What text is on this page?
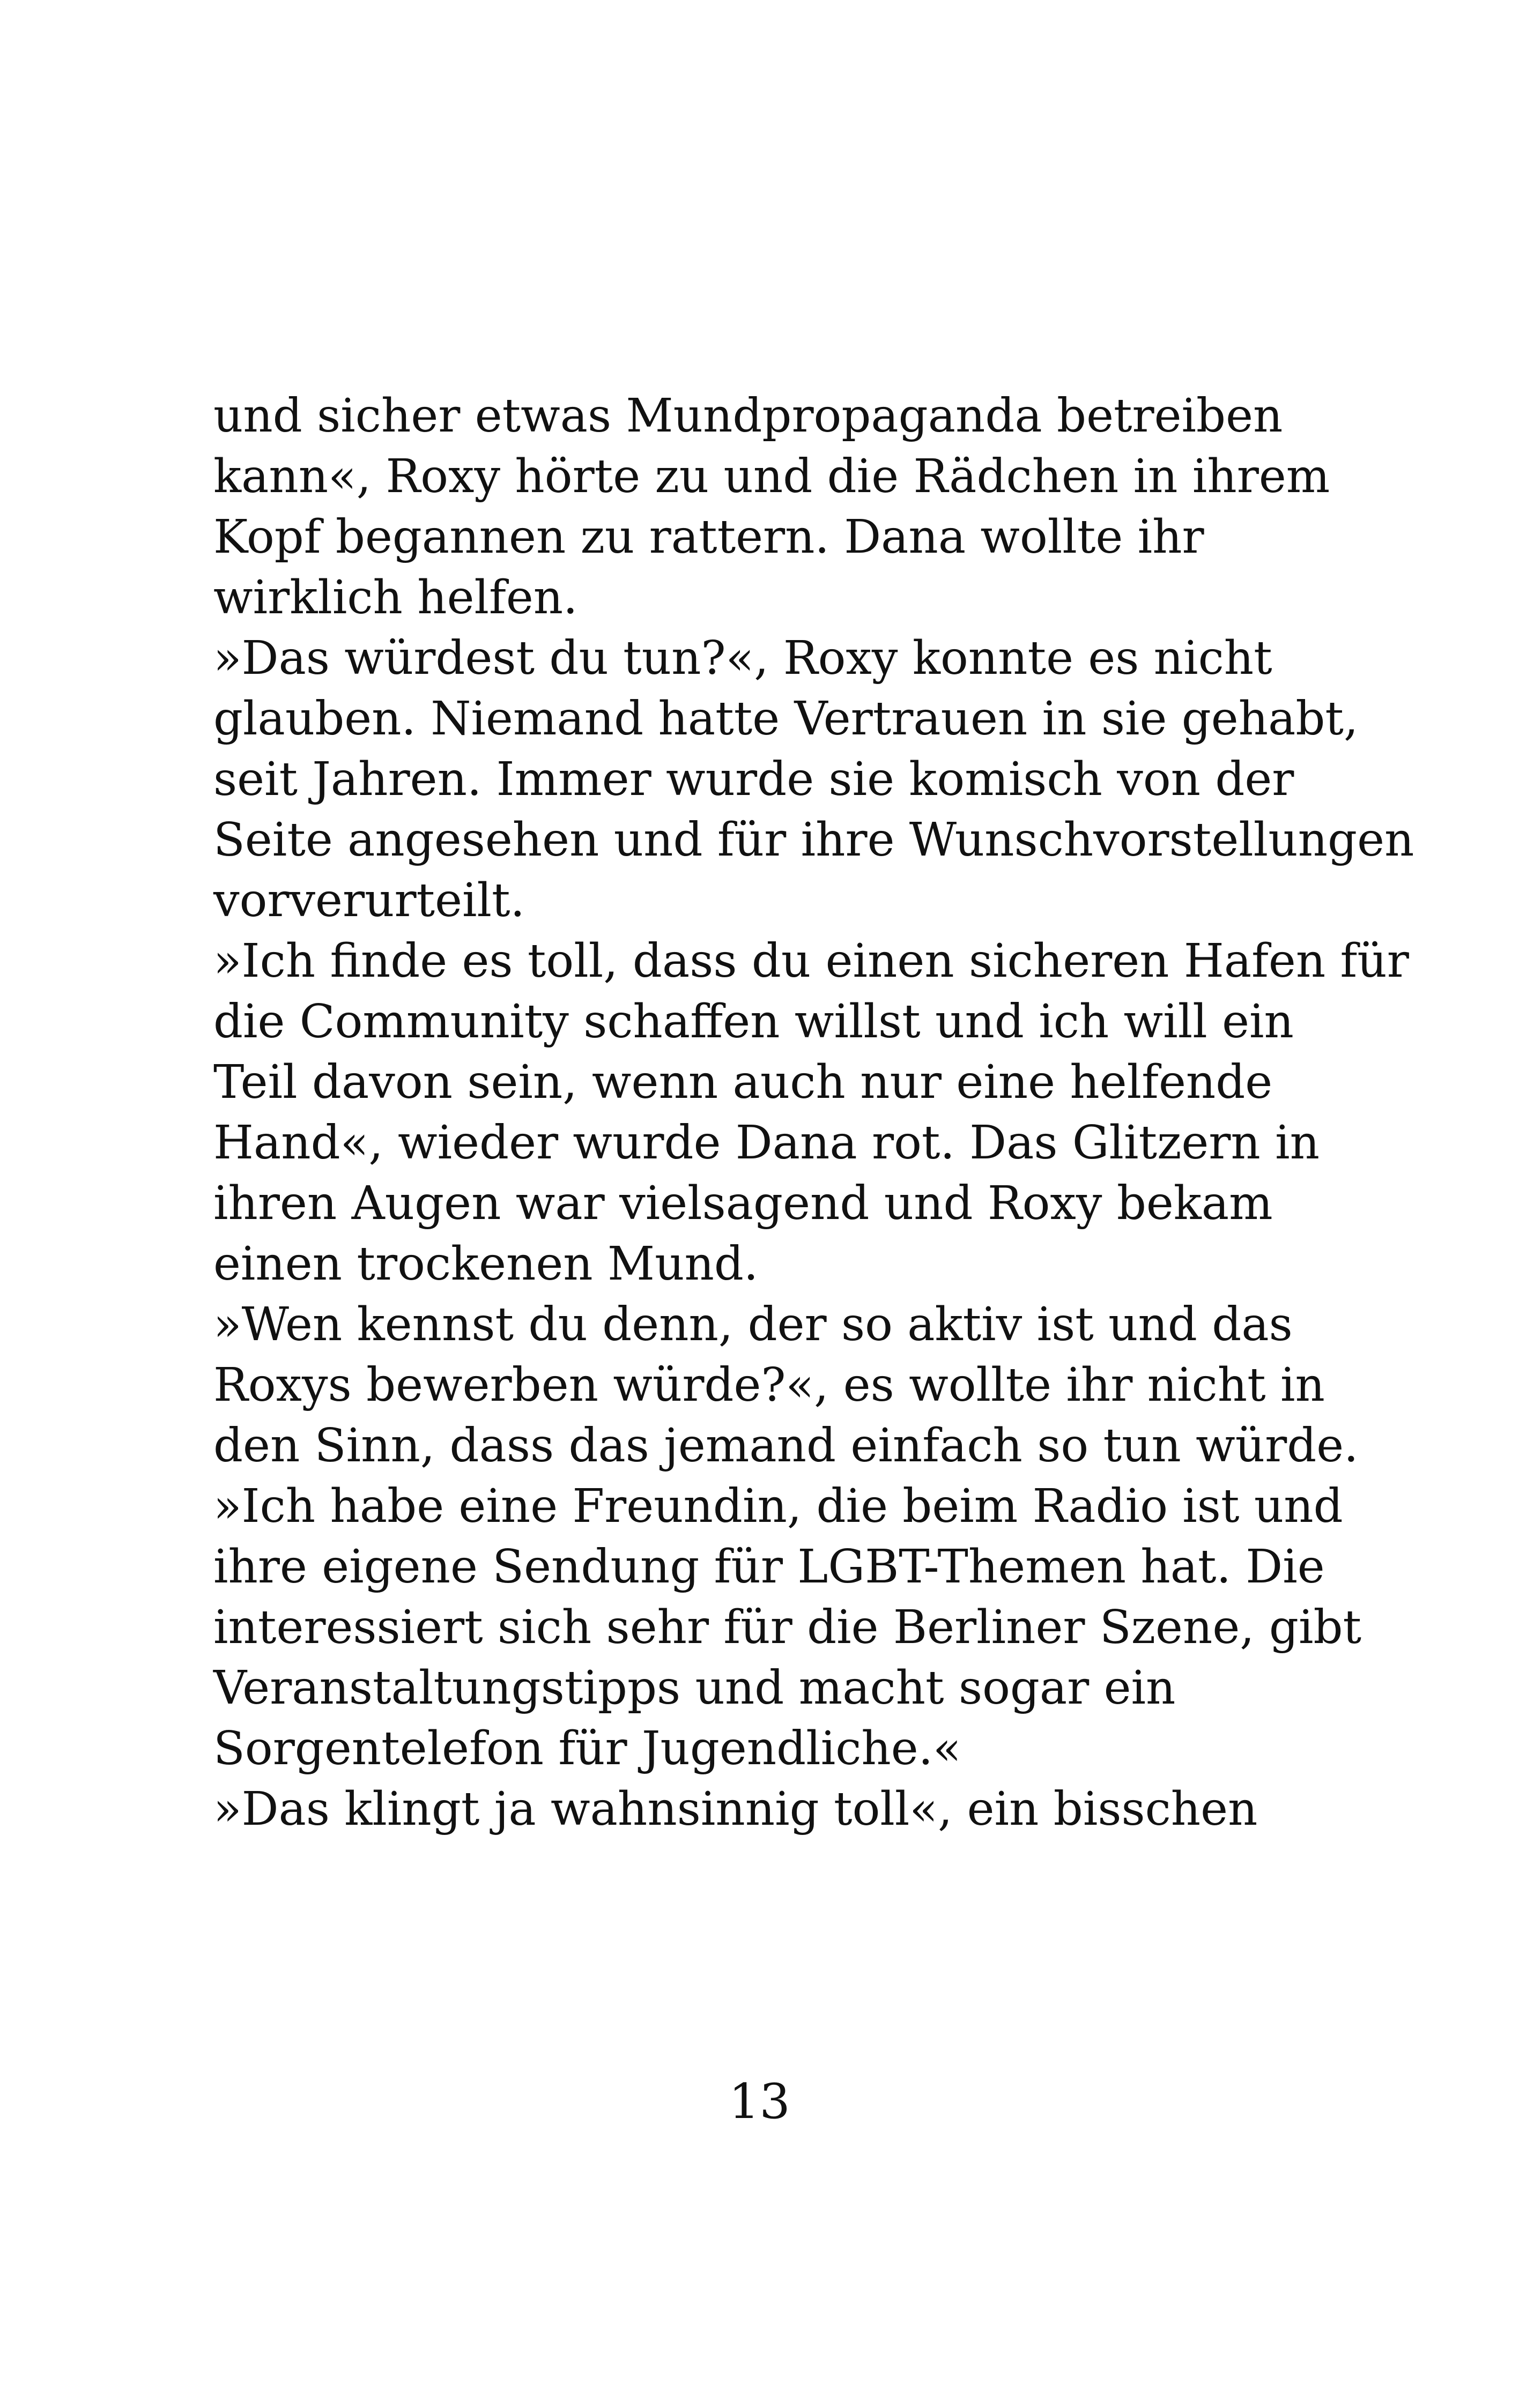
und sicher etwas Mundpropaganda betreiben
kann«, Roxy hörte zu und die Rädchen in ihrem
Kopf begannen zu rattern. Dana wollte ihr
wirklich helfen.
»Das würdest du tun?«, Roxy konnte es nicht
glauben. Niemand hatte Vertrauen in sie gehabt,
seit Jahren. Immer wurde sie komisch von der
Seite angesehen und für ihre Wunschvorstellungen
vorverurteilt.
»Ich finde es toll, dass du einen sicheren Hafen für
die Community schaffen willst und ich will ein
Teil davon sein, wenn auch nur eine helfende
Hand«, wieder wurde Dana rot. Das Glitzern in
ihren Augen war vielsagend und Roxy bekam
einen trockenen Mund.
»Wen kennst du denn, der so aktiv ist und das
Roxys bewerben würde?«, es wollte ihr nicht in
den Sinn, dass das jemand einfach so tun würde.
»Ich habe eine Freundin, die beim Radio ist und
ihre eigene Sendung für LGBT-Themen hat. Die
interessiert sich sehr für die Berliner Szene, gibt
Veranstaltungstipps und macht sogar ein
Sorgentelefon für Jugendliche.«
»Das klingt ja wahnsinnig toll«, ein bisschen
13
